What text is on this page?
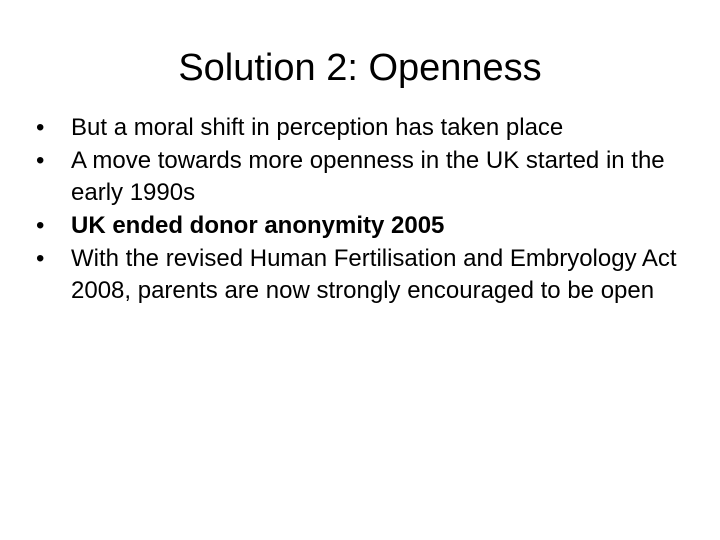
Solution 2: Openness
•	But a moral shift in perception has taken place
•	A move towards more openness in the UK started in the early 1990s
•	UK ended donor anonymity 2005
•	With the revised Human Fertilisation and Embryology Act 2008, parents are now strongly encouraged to be open
